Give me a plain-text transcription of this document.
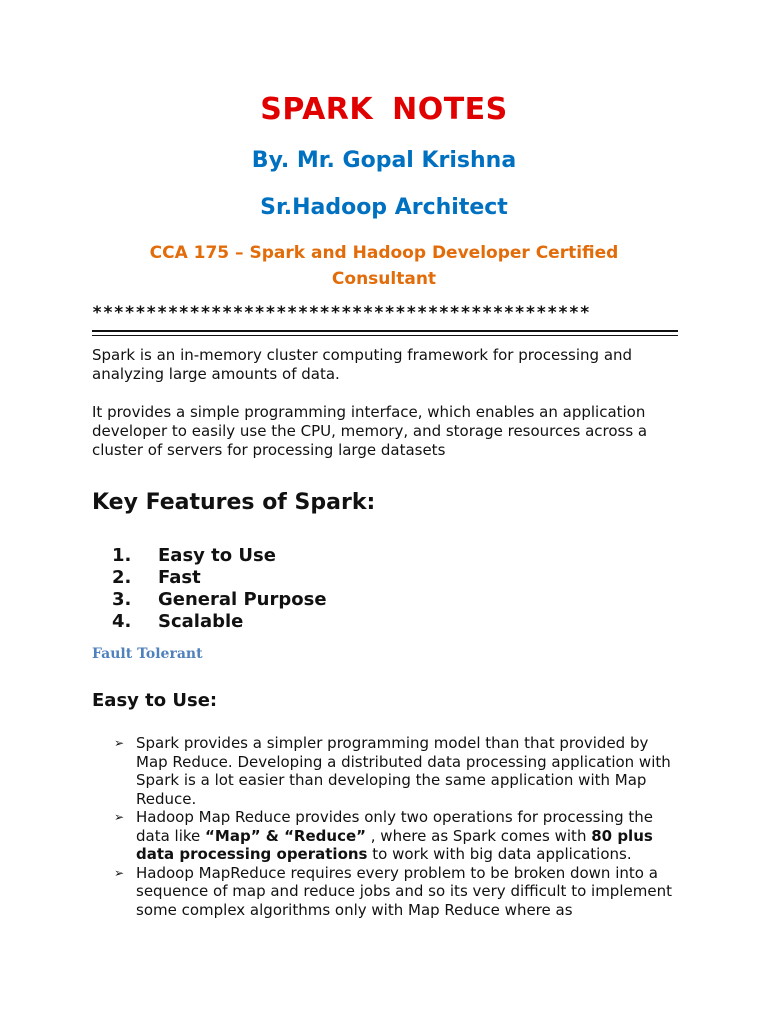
SPARK NOTES
By. Mr. Gopal Krishna
Sr.Hadoop Architect
CCA 175 – Spark and Hadoop Developer Certified Consultant
**********************************************
Spark is an in-memory cluster computing framework for processing and analyzing large amounts of data.
It provides a simple programming interface, which enables an application developer to easily use the CPU, memory, and storage resources across a cluster of servers for processing large datasets
Key Features of Spark:
1.	Easy to Use
2.	Fast
3.	General Purpose
4.	Scalable
Fault Tolerant
Easy to Use:
➢ Spark provides a simpler programming model than that provided by Map Reduce. Developing a distributed data processing application with Spark is a lot easier than developing the same application with Map Reduce.
➢ Hadoop Map Reduce provides only two operations for processing the data like “Map” & “Reduce” , where as Spark comes with 80 plus data processing operations to work with big data applications.
➢ Hadoop MapReduce requires every problem to be broken down into a sequence of map and reduce jobs and so its very difficult to implement some complex algorithms only with Map Reduce where as
